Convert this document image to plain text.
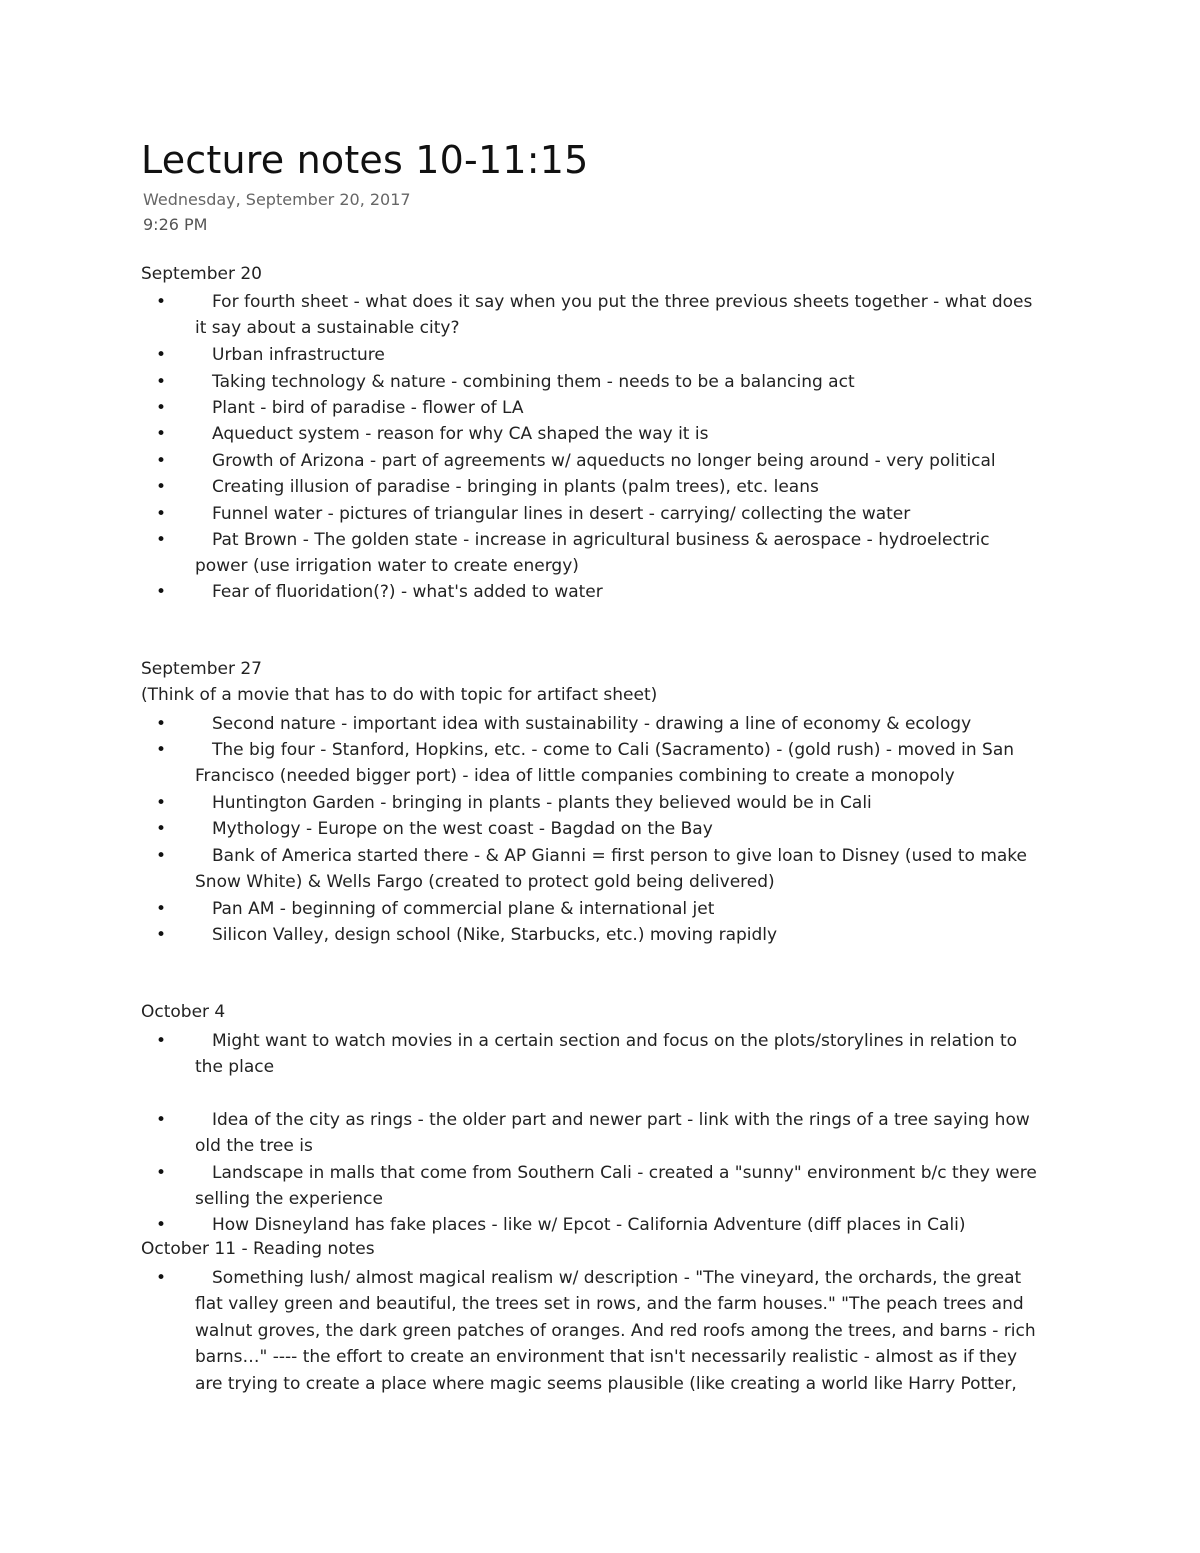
Lecture notes 10-11:15
Wednesday, September 20, 2017
9:26 PM
September 20
•	For fourth sheet - what does it say when you put the three previous sheets together - what does
it say about a sustainable city?
•	Urban infrastructure
•	Taking technology & nature - combining them - needs to be a balancing act
•	Plant - bird of paradise - flower of LA
•	Aqueduct system - reason for why CA shaped the way it is
•	Growth of Arizona - part of agreements w/ aqueducts no longer being around - very political
•	Creating illusion of paradise - bringing in plants (palm trees), etc. leans
•	Funnel water - pictures of triangular lines in desert - carrying/ collecting the water
•	Pat Brown - The golden state - increase in agricultural business & aerospace - hydroelectric
power (use irrigation water to create energy)
•	Fear of fluoridation(?) - what's added to water
September 27
(Think of a movie that has to do with topic for artifact sheet)
•	Second nature - important idea with sustainability - drawing a line of economy & ecology
•	The big four - Stanford, Hopkins, etc. - come to Cali (Sacramento) - (gold rush) - moved in San
Francisco (needed bigger port) - idea of little companies combining to create a monopoly
•	Huntington Garden - bringing in plants - plants they believed would be in Cali
•	Mythology - Europe on the west coast - Bagdad on the Bay
•	Bank of America started there - & AP Gianni = first person to give loan to Disney (used to make
Snow White) & Wells Fargo (created to protect gold being delivered)
•	Pan AM - beginning of commercial plane & international jet
•	Silicon Valley, design school (Nike, Starbucks, etc.) moving rapidly
October 4
•	Might want to watch movies in a certain section and focus on the plots/storylines in relation to
the place
•	Idea of the city as rings - the older part and newer part - link with the rings of a tree saying how
old the tree is
•	Landscape in malls that come from Southern Cali - created a "sunny" environment b/c they were
selling the experience
•	How Disneyland has fake places - like w/ Epcot - California Adventure (diff places in Cali)
October 11 - Reading notes
•	Something lush/ almost magical realism w/ description - "The vineyard, the orchards, the great
flat valley green and beautiful, the trees set in rows, and the farm houses." "The peach trees and
walnut groves, the dark green patches of oranges. And red roofs among the trees, and barns - rich
barns…" ---- the effort to create an environment that isn't necessarily realistic - almost as if they
are trying to create a place where magic seems plausible (like creating a world like Harry Potter,
